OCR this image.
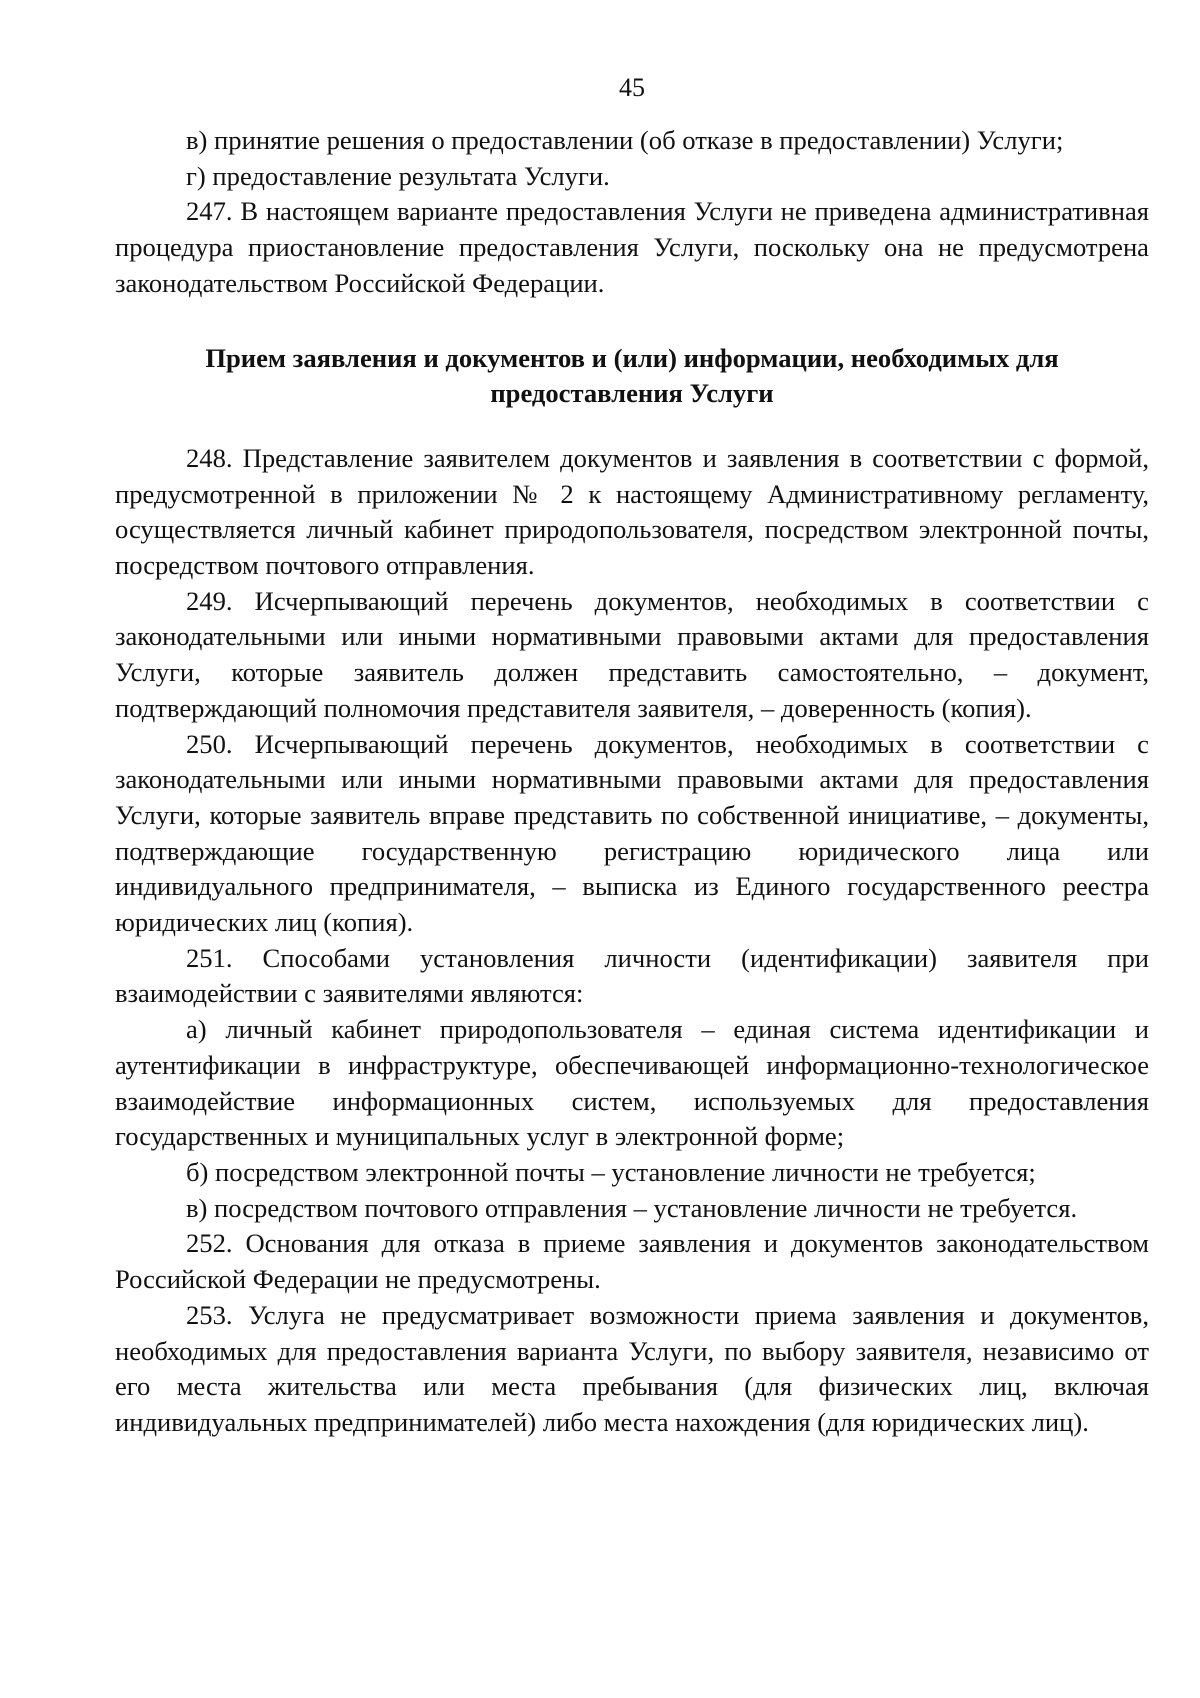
45

в) принятие решения о предоставлении (об отказе в предоставлении) Услуги;

г) предоставление результата Услуги.

247. В настоящем варианте предоставления Услуги не приведена административная процедура приостановление предоставления Услуги, поскольку она не предусмотрена законодательством Российской Федерации.

Прием заявления и документов и (или) информации, необходимых для предоставления Услуги

248. Представление заявителем документов и заявления в соответствии с формой, предусмотренной в приложении № 2 к настоящему Административному регламенту, осуществляется личный кабинет природопользователя, посредством электронной почты, посредством почтового отправления.

249. Исчерпывающий перечень документов, необходимых в соответствии с законодательными или иными нормативными правовыми актами для предоставления Услуги, которые заявитель должен представить самостоятельно, – документ, подтверждающий полномочия представителя заявителя, – доверенность (копия).

250. Исчерпывающий перечень документов, необходимых в соответствии с законодательными или иными нормативными правовыми актами для предоставления Услуги, которые заявитель вправе представить по собственной инициативе, – документы, подтверждающие государственную регистрацию юридического лица или индивидуального предпринимателя, – выписка из Единого государственного реестра юридических лиц (копия).

251. Способами установления личности (идентификации) заявителя при взаимодействии с заявителями являются:

а) личный кабинет природопользователя – единая система идентификации и аутентификации в инфраструктуре, обеспечивающей информационно-технологическое взаимодействие информационных систем, используемых для предоставления государственных и муниципальных услуг в электронной форме;

б) посредством электронной почты – установление личности не требуется;

в) посредством почтового отправления – установление личности не требуется.

252. Основания для отказа в приеме заявления и документов законодательством Российской Федерации не предусмотрены.

253. Услуга не предусматривает возможности приема заявления и документов, необходимых для предоставления варианта Услуги, по выбору заявителя, независимо от его места жительства или места пребывания (для физических лиц, включая индивидуальных предпринимателей) либо места нахождения (для юридических лиц).
